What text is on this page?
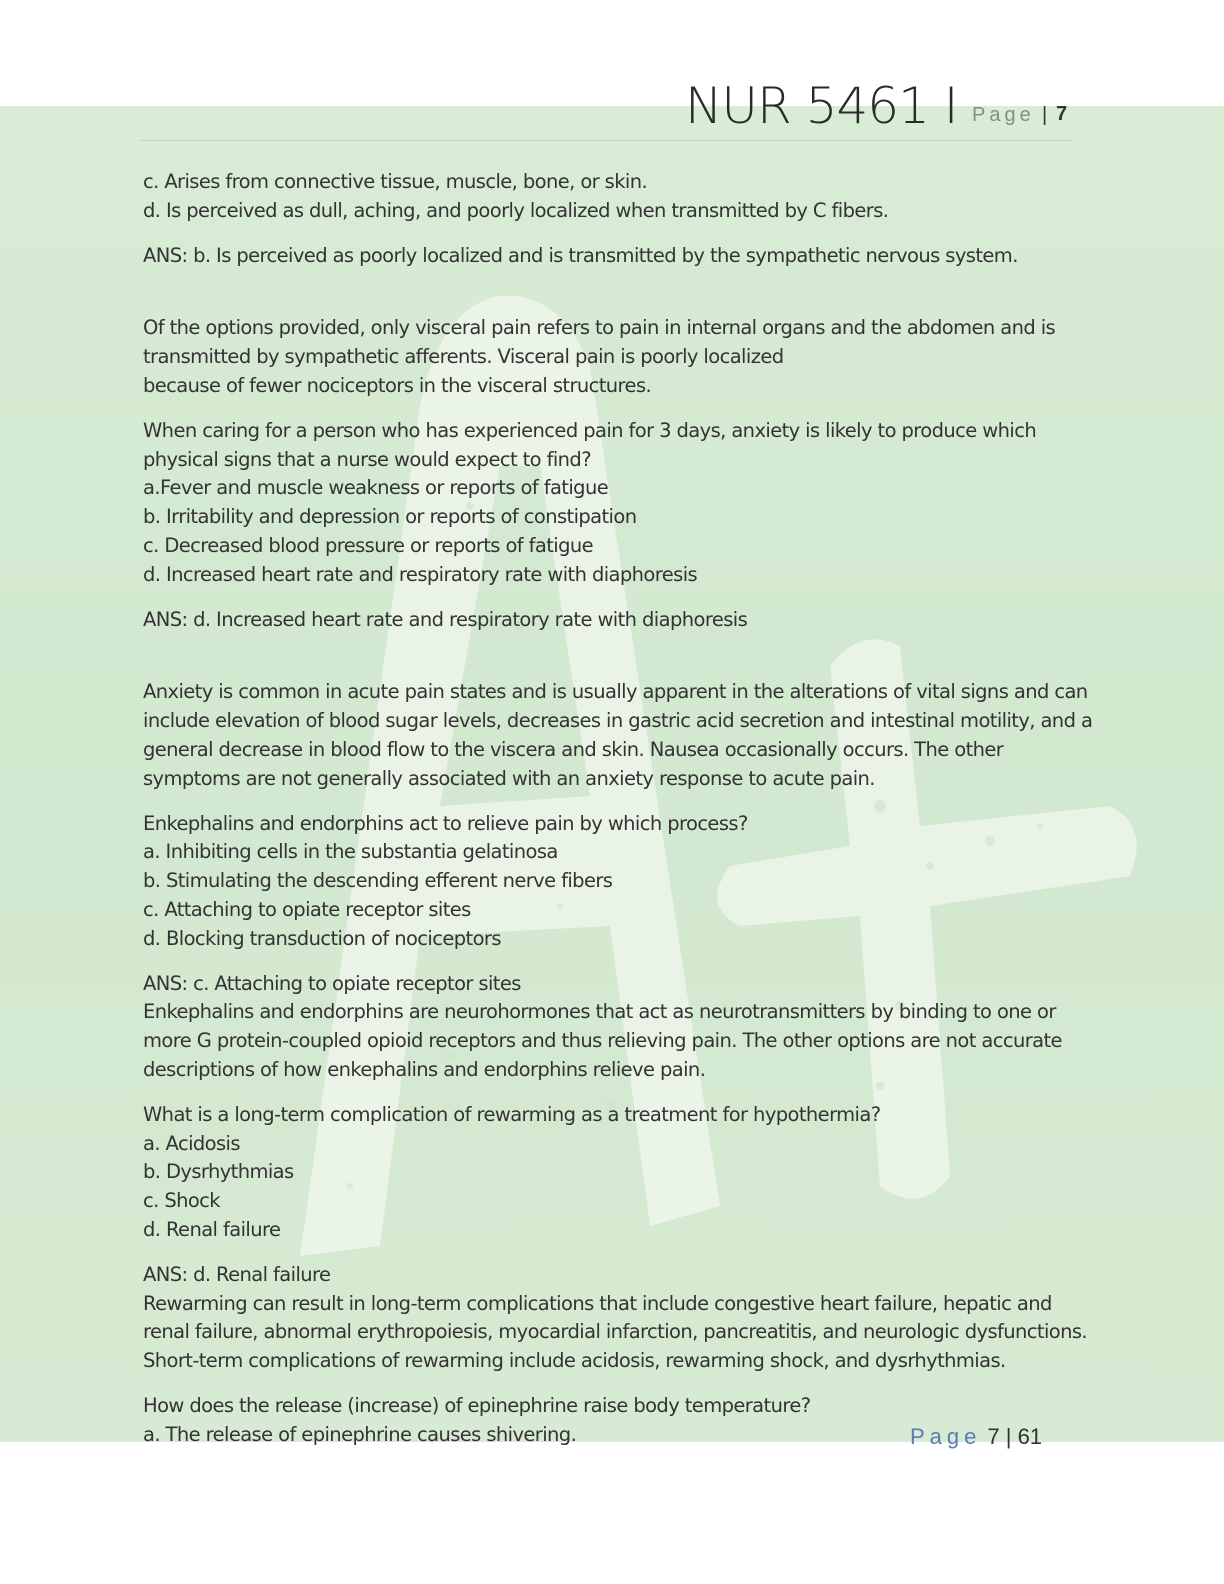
NUR 5461 I Page | 7
c. Arises from connective tissue, muscle, bone, or skin.
d. Is perceived as dull, aching, and poorly localized when transmitted by C fibers.
ANS: b. Is perceived as poorly localized and is transmitted by the sympathetic nervous system.
Of the options provided, only visceral pain refers to pain in internal organs and the abdomen and is
transmitted by sympathetic afferents. Visceral pain is poorly localized
because of fewer nociceptors in the visceral structures.
When caring for a person who has experienced pain for 3 days, anxiety is likely to produce which
physical signs that a nurse would expect to find?
a.Fever and muscle weakness or reports of fatigue
b. Irritability and depression or reports of constipation
c. Decreased blood pressure or reports of fatigue
d. Increased heart rate and respiratory rate with diaphoresis
ANS: d. Increased heart rate and respiratory rate with diaphoresis
Anxiety is common in acute pain states and is usually apparent in the alterations of vital signs and can
include elevation of blood sugar levels, decreases in gastric acid secretion and intestinal motility, and a
general decrease in blood flow to the viscera and skin. Nausea occasionally occurs. The other
symptoms are not generally associated with an anxiety response to acute pain.
Enkephalins and endorphins act to relieve pain by which process?
a. Inhibiting cells in the substantia gelatinosa
b. Stimulating the descending efferent nerve fibers
c. Attaching to opiate receptor sites
d. Blocking transduction of nociceptors
ANS: c. Attaching to opiate receptor sites
Enkephalins and endorphins are neurohormones that act as neurotransmitters by binding to one or
more G protein-coupled opioid receptors and thus relieving pain. The other options are not accurate
descriptions of how enkephalins and endorphins relieve pain.
What is a long-term complication of rewarming as a treatment for hypothermia?
a. Acidosis
b. Dysrhythmias
c. Shock
d. Renal failure
ANS: d. Renal failure
Rewarming can result in long-term complications that include congestive heart failure, hepatic and
renal failure, abnormal erythropoiesis, myocardial infarction, pancreatitis, and neurologic dysfunctions.
Short-term complications of rewarming include acidosis, rewarming shock, and dysrhythmias.
How does the release (increase) of epinephrine raise body temperature?
a. The release of epinephrine causes shivering.	Page 7 | 61
